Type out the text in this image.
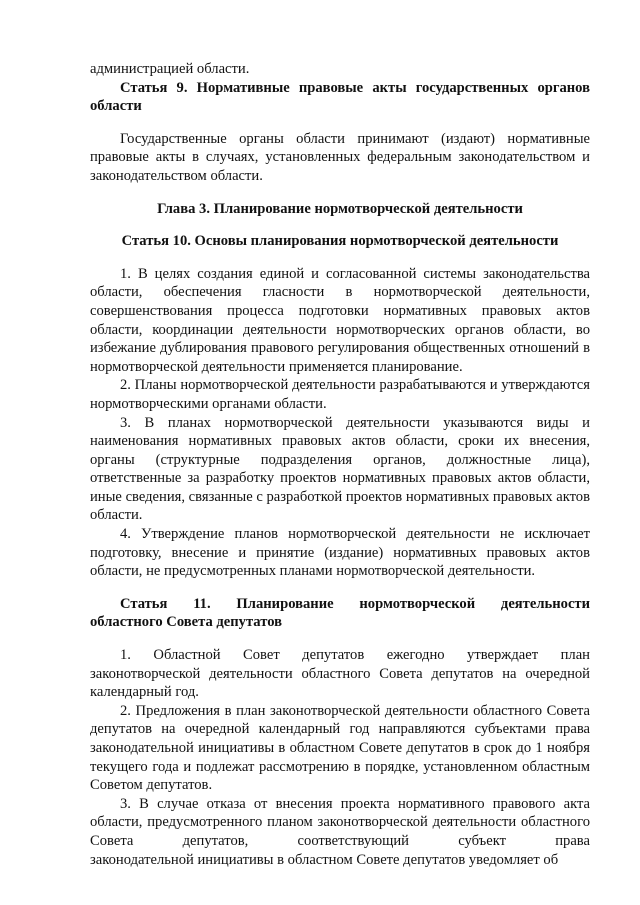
администрацией области.

Статья 9. Нормативные правовые акты государственных органов области

Государственные органы области принимают (издают) нормативные правовые акты в случаях, установленных федеральным законодательством и законодательством области.

Глава 3. Планирование нормотворческой деятельности

Статья 10. Основы планирования нормотворческой деятельности

1. В целях создания единой и согласованной системы законодательства области, обеспечения гласности в нормотворческой деятельности, совершенствования процесса подготовки нормативных правовых актов области, координации деятельности нормотворческих органов области, во избежание дублирования правового регулирования общественных отношений в нормотворческой деятельности применяется планирование.

2. Планы нормотворческой деятельности разрабатываются и утверждаются нормотворческими органами области.

3. В планах нормотворческой деятельности указываются виды и наименования нормативных правовых актов области, сроки их внесения, органы (структурные подразделения органов, должностные лица), ответственные за разработку проектов нормативных правовых актов области, иные сведения, связанные с разработкой проектов нормативных правовых актов области.

4. Утверждение планов нормотворческой деятельности не исключает подготовку, внесение и принятие (издание) нормативных правовых актов области, не предусмотренных планами нормотворческой деятельности.

Статья 11. Планирование нормотворческой деятельности

областного Совета депутатов

1. Областной Совет депутатов ежегодно утверждает план законотворческой деятельности областного Совета депутатов на очередной календарный год.

2. Предложения в план законотворческой деятельности областного Совета депутатов на очередной календарный год направляются субъектами права законодательной инициативы в областном Совете депутатов в срок до 1 ноября текущего года и подлежат рассмотрению в порядке, установленном областным Советом депутатов.

3. В случае отказа от внесения проекта нормативного правового акта области, предусмотренного планом законотворческой деятельности областного Совета депутатов, соответствующий субъект права

законодательной инициативы в областном Совете депутатов уведомляет об
